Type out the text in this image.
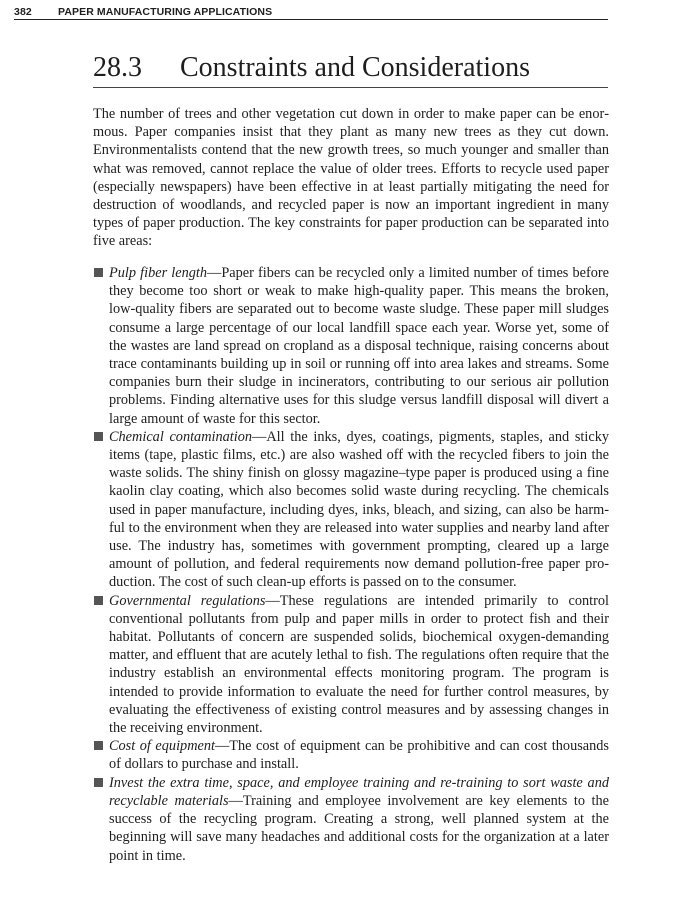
382 PAPER MANUFACTURING APPLICATIONS
28.3 Constraints and Considerations

The number of trees and other vegetation cut down in order to make paper can be enormous. Paper companies insist that they plant as many new trees as they cut down. Environmentalists contend that the new growth trees, so much younger and smaller than what was removed, cannot replace the value of older trees. Efforts to recycle used paper (especially newspapers) have been effective in at least partially mitigating the need for destruction of woodlands, and recycled paper is now an important ingredient in many types of paper production. The key constraints for paper production can be separated into five areas:

Pulp fiber length—Paper fibers can be recycled only a limited number of times before they become too short or weak to make high-quality paper. This means the broken, low-quality fibers are separated out to become waste sludge. These paper mill sludges consume a large percentage of our local landfill space each year. Worse yet, some of the wastes are land spread on cropland as a disposal technique, raising concerns about trace contaminants building up in soil or running off into area lakes and streams. Some companies burn their sludge in incinerators, contributing to our serious air pollution problems. Finding alternative uses for this sludge versus landfill disposal will divert a large amount of waste for this sector.
Chemical contamination—All the inks, dyes, coatings, pigments, staples, and sticky items (tape, plastic films, etc.) are also washed off with the recycled fibers to join the waste solids. The shiny finish on glossy magazine–type paper is produced using a fine kaolin clay coating, which also becomes solid waste during recycling. The chemicals used in paper manufacture, including dyes, inks, bleach, and sizing, can also be harmful to the environment when they are released into water supplies and nearby land after use. The industry has, sometimes with government prompting, cleared up a large amount of pollution, and federal requirements now demand pollution-free paper production. The cost of such clean-up efforts is passed on to the consumer.
Governmental regulations—These regulations are intended primarily to control conventional pollutants from pulp and paper mills in order to protect fish and their habitat. Pollutants of concern are suspended solids, biochemical oxygen-demanding matter, and effluent that are acutely lethal to fish. The regulations often require that the industry establish an environmental effects monitoring program. The program is intended to provide information to evaluate the need for further control measures, by evaluating the effectiveness of existing control measures and by assessing changes in the receiving environment.
Cost of equipment—The cost of equipment can be prohibitive and can cost thousands of dollars to purchase and install.
Invest the extra time, space, and employee training and re-training to sort waste and recyclable materials—Training and employee involvement are key elements to the success of the recycling program. Creating a strong, well planned system at the beginning will save many headaches and additional costs for the organization at a later point in time.
